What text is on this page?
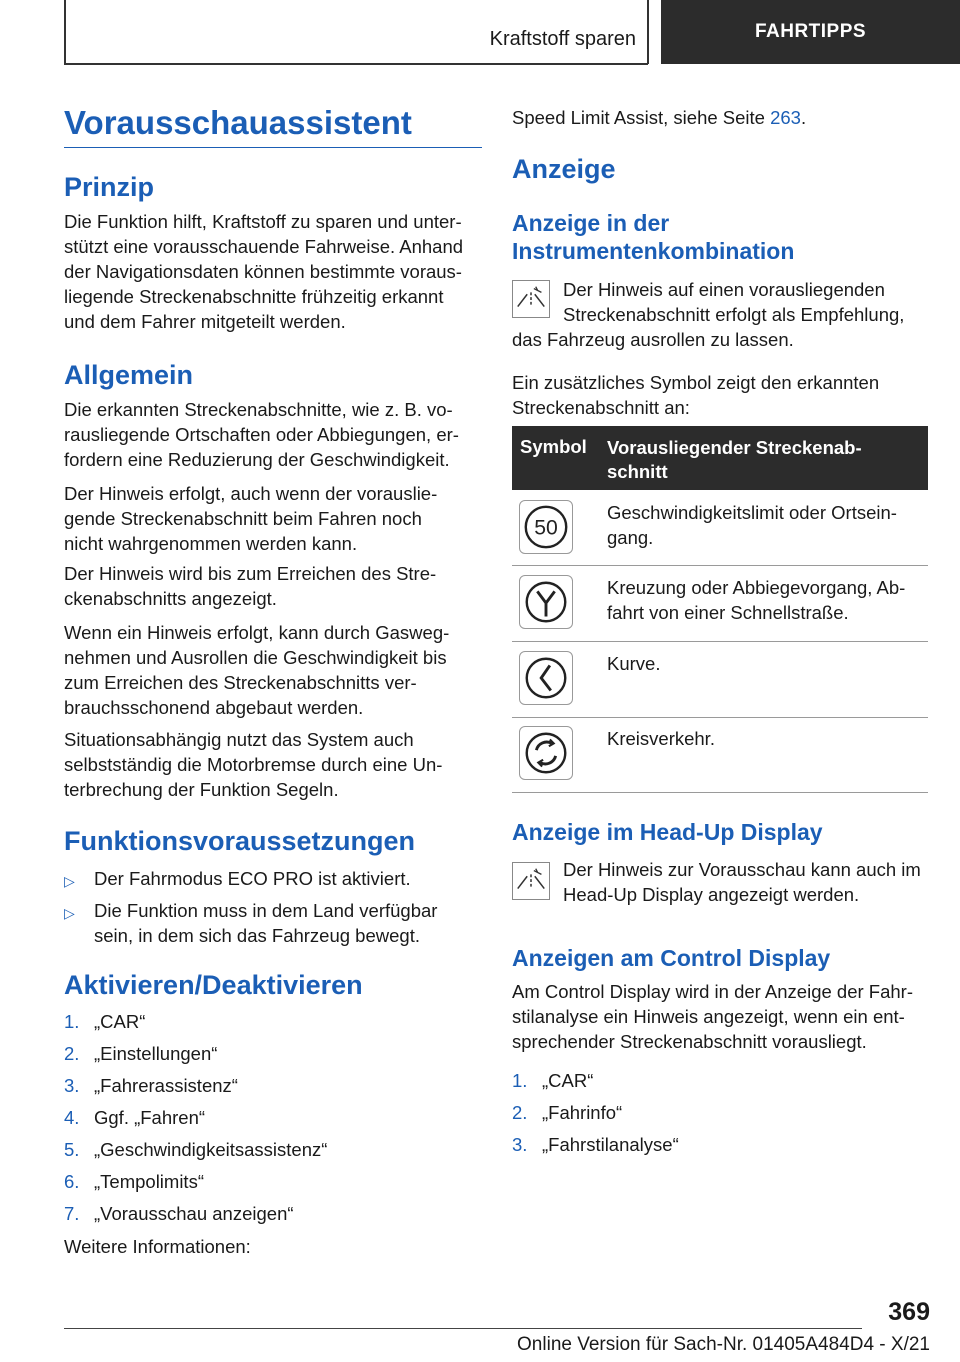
Kraftstoff sparen	FAHRTIPPS
Vorausschauassistent
Prinzip
Die Funktion hilft, Kraftstoff zu sparen und unter-
stützt eine vorausschauende Fahrweise. Anhand
der Navigationsdaten können bestimmte voraus-
liegende Streckenabschnitte frühzeitig erkannt
und dem Fahrer mitgeteilt werden.
Allgemein
Die erkannten Streckenabschnitte, wie z. B. vo-
rausliegende Ortschaften oder Abbiegungen, er-
fordern eine Reduzierung der Geschwindigkeit.
Der Hinweis erfolgt, auch wenn der vorauslie-
gende Streckenabschnitt beim Fahren noch
nicht wahrgenommen werden kann.
Der Hinweis wird bis zum Erreichen des Stre-
ckenabschnitts angezeigt.
Wenn ein Hinweis erfolgt, kann durch Gasweg-
nehmen und Ausrollen die Geschwindigkeit bis
zum Erreichen des Streckenabschnitts ver-
brauchsschonend abgebaut werden.
Situationsabhängig nutzt das System auch
selbstständig die Motorbremse durch eine Un-
terbrechung der Funktion Segeln.
Funktionsvoraussetzungen
▷ Der Fahrmodus ECO PRO ist aktiviert.
▷ Die Funktion muss in dem Land verfügbar
sein, in dem sich das Fahrzeug bewegt.
Aktivieren/Deaktivieren
1. „CAR“
2. „Einstellungen“
3. „Fahrerassistenz“
4. Ggf. „Fahren“
5. „Geschwindigkeitsassistenz“
6. „Tempolimits“
7. „Vorausschau anzeigen“
Weitere Informationen:
Speed Limit Assist, siehe Seite 263.
Anzeige
Anzeige in der
Instrumentenkombination
Der Hinweis auf einen vorausliegenden
Streckenabschnitt erfolgt als Empfehlung,
das Fahrzeug ausrollen zu lassen.
Ein zusätzliches Symbol zeigt den erkannten
Streckenabschnitt an:
Symbol Vorausliegender Streckenab-
schnitt
50
Geschwindigkeitslimit oder Ortsein-
gang.
Kreuzung oder Abbiegevorgang, Ab-
fahrt von einer Schnellstraße.
Kurve.
Kreisverkehr.
Anzeige im Head-Up Display
Der Hinweis zur Vorausschau kann auch im
Head-Up Display angezeigt werden.
Anzeigen am Control Display
Am Control Display wird in der Anzeige der Fahr-
stilanalyse ein Hinweis angezeigt, wenn ein ent-
sprechender Streckenabschnitt vorausliegt.
1. „CAR“
2. „Fahrinfo“
3. „Fahrstilanalyse“
369
Online Version für Sach-Nr. 01405A484D4 - X/21
